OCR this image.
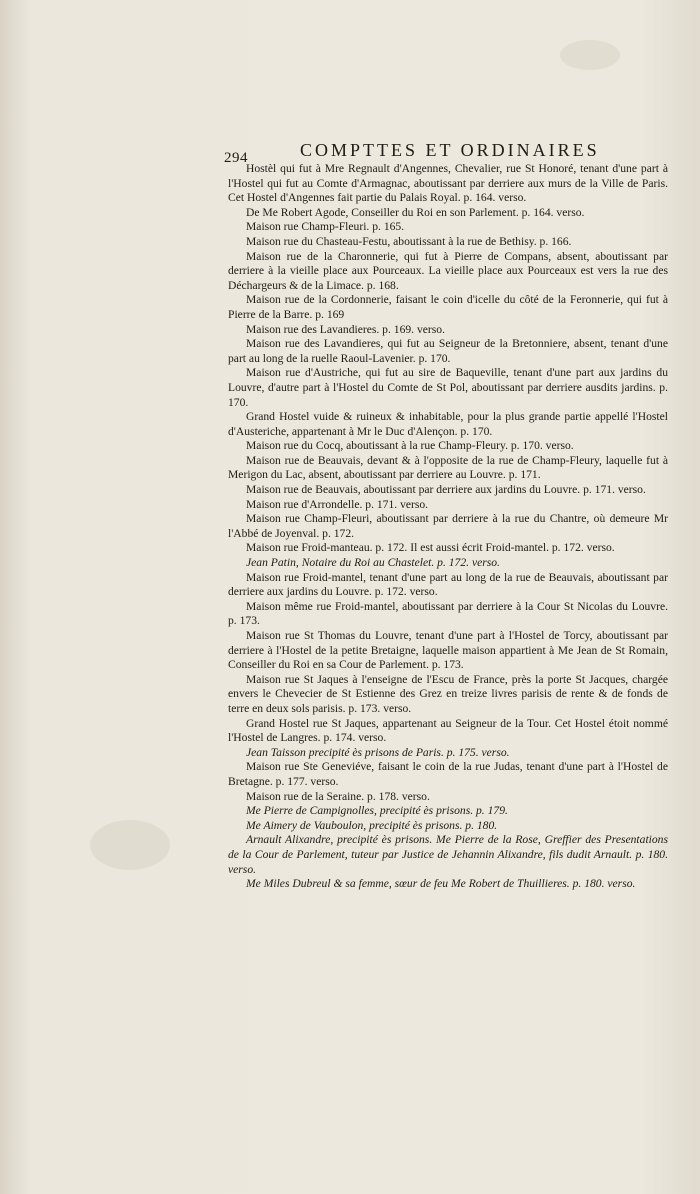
294	COMPTTES ET ORDINAIRES

Hostèl qui fut à Mre Regnault d'Angennes, Chevalier, rue St Honoré, tenant d'une part à l'Hostel qui fut au Comte d'Armagnac, aboutissant par derriere aux murs de la Ville de Paris. Cet Hostel d'Angennes fait partie du Palais Royal. p. 164. verso.

De Me Robert Agode, Conseiller du Roi en son Parlement. p. 164. verso.

Maison rue Champ-Fleuri. p. 165.

Maison rue du Chasteau-Festu, aboutissant à la rue de Bethisy. p. 166.

Maison rue de la Charonnerie, qui fut à Pierre de Compans, absent, aboutissant par derriere à la vieille place aux Pourceaux. La vieille place aux Pourceaux est vers la rue des Déchargeurs & de la Limace. p. 168.

Maison rue de la Cordonnerie, faisant le coin d'icelle du côté de la Feronnerie, qui fut à Pierre de la Barre. p. 169

Maison rue des Lavandieres. p. 169. verso.

Maison rue des Lavandieres, qui fut au Seigneur de la Bretonniere, absent, tenant d'une part au long de la ruelle Raoul-Lavenier. p. 170.

Maison rue d'Austriche, qui fut au sire de Baqueville, tenant d'une part aux jardins du Louvre, d'autre part à l'Hostel du Comte de St Pol, aboutissant par derriere ausdits jardins. p. 170.

Grand Hostel vuide & ruineux & inhabitable, pour la plus grande partie appellé l'Hostel d'Austeriche, appartenant à Mr le Duc d'Alençon. p. 170.

Maison rue du Cocq, aboutissant à la rue Champ-Fleury. p. 170. verso.

Maison rue de Beauvais, devant & à l'opposite de la rue de Champ-Fleury, laquelle fut à Merigon du Lac, absent, aboutissant par derriere au Louvre. p. 171.

Maison rue de Beauvais, aboutissant par derriere aux jardins du Louvre. p. 171. verso.

Maison rue d'Arrondelle. p. 171. verso.

Maison rue Champ-Fleuri, aboutissant par derriere à la rue du Chantre, où demeure Mr l'Abbé de Joyenval. p. 172.

Maison rue Froid-manteau. p. 172. Il est aussi écrit Froid-mantel. p. 172. verso.

Jean Patin, Notaire du Roi au Chastelet. p. 172. verso.

Maison rue Froid-mantel, tenant d'une part au long de la rue de Beauvais, aboutissant par derriere aux jardins du Louvre. p. 172. verso.

Maison même rue Froid-mantel, aboutissant par derriere à la Cour St Nicolas du Louvre. p. 173.

Maison rue St Thomas du Louvre, tenant d'une part à l'Hostel de Torcy, aboutissant par derriere à l'Hostel de la petite Bretaigne, laquelle maison appartient à Me Jean de St Romain, Conseiller du Roi en sa Cour de Parlement. p. 173.

Maison rue St Jaques à l'enseigne de l'Escu de France, près la porte St Jacques, chargée envers le Chevecier de St Estienne des Grez en treize livres parisis de rente & de fonds de terre en deux sols parisis. p. 173. verso.

Grand Hostel rue St Jaques, appartenant au Seigneur de la Tour. Cet Hostel étoit nommé l'Hostel de Langres. p. 174. verso.

Jean Taisson precipité ès prisons de Paris. p. 175. verso.

Maison rue Ste Geneviéve, faisant le coin de la rue Judas, tenant d'une part à l'Hostel de Bretagne. p. 177. verso.

Maison rue de la Seraine. p. 178. verso.

Me Pierre de Campignolles, precipité ès prisons. p. 179.

Me Aimery de Vauboulon, precipité ès prisons. p. 180.

Arnault Alixandre, precipité ès prisons. Me Pierre de la Rose, Greffier des Presentations de la Cour de Parlement, tuteur par Justice de Jehannin Alixandre, fils dudit Arnault. p. 180. verso.

Me Miles Dubreul & sa femme, sœur de feu Me Robert de Thuillieres. p. 180. verso.
